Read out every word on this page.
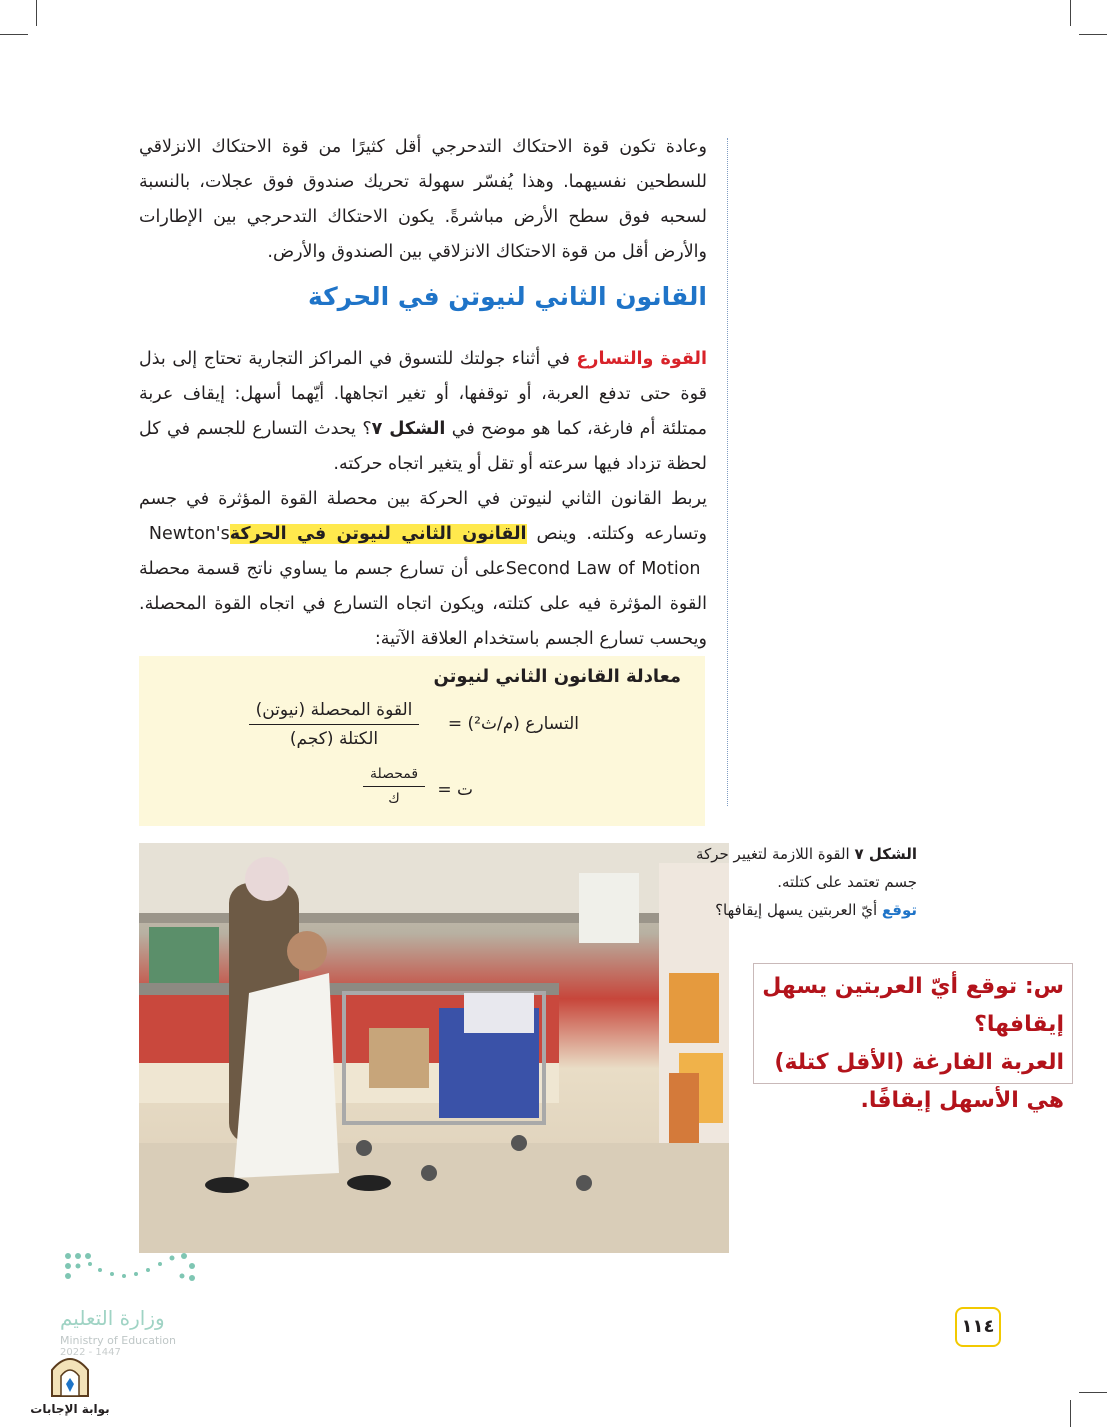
وعادة تكون قوة الاحتكاك التدحرجي أقل كثيرًا من قوة الاحتكاك الانزلاقي للسطحين نفسيهما. وهذا يُفسّر سهولة تحريك صندوق فوق عجلات، بالنسبة لسحبه فوق سطح الأرض مباشرةً. يكون الاحتكاك التدحرجي بين الإطارات والأرض أقل من قوة الاحتكاك الانزلاقي بين الصندوق والأرض.

القانون الثاني لنيوتن في الحركة

القوة والتسارع في أثناء جولتك للتسوق في المراكز التجارية تحتاج إلى بذل قوة حتى تدفع العربة، أو توقفها، أو تغير اتجاهها. أيّهما أسهل: إيقاف عربة ممتلئة أم فارغة، كما هو موضح في الشكل ٧؟ يحدث التسارع للجسم في كل لحظة تزداد فيها سرعته أو تقل أو يتغير اتجاه حركته.

يربط القانون الثاني لنيوتن في الحركة بين محصلة القوة المؤثرة في جسم وتسارعه وكتلته. وينص القانون الثاني لنيوتن في الحركة Newton's Second Law of Motion على أن تسارع جسم ما يساوي ناتج قسمة محصلة القوة المؤثرة فيه على كتلته، ويكون اتجاه التسارع في اتجاه القوة المحصلة. ويحسب تسارع الجسم باستخدام العلاقة الآتية:

معادلة القانون الثاني لنيوتن
التسارع (م/ث²) =
القوة المحصلة (نيوتن)
الكتلة (كجم)
ت =
قمحصلة
ك
الشكل ٧ القوة اللازمة لتغيير حركة جسم تعتمد على كتلته.
توقع أيّ العربتين يسهل إيقافها؟
س: توقع أيّ العربتين يسهل إيقافها؟
العربة الفارغة (الأقل كتلة) هي الأسهل إيقافًا.
١١٤
وزارة التعليم
Ministry of Education
2022 - 1447
بوابة الإجابات
